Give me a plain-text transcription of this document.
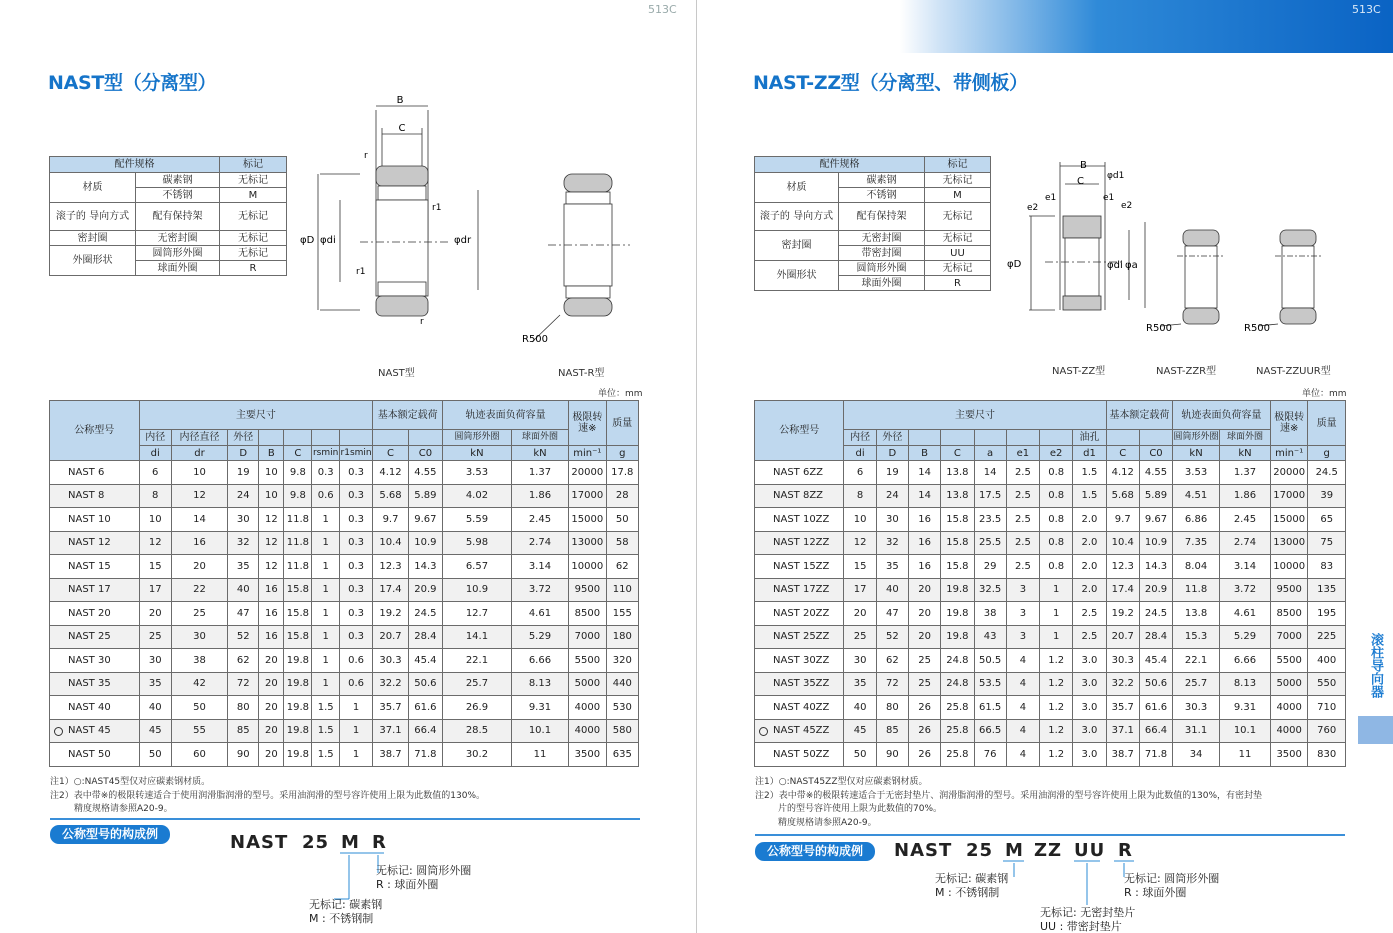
513C
NAST型（分离型）
配件规格		标记
材质	碳素钢	无标记
	不锈钢	M
滚子的 导向方式	配有保持架	无标记
密封圈	无密封圈	无标记
外圈形状	圆筒形外圈	无标记
	球面外圈	R
B
C
r
r1
r1
r
φD φdi	φdr
R500
NAST型	NAST-R型
单位：mm
公称型号	主要尺寸							基本额定载荷		轨迹表面负荷容量		极限转速※	质量
	内径	内径直径	外径							圆筒形外圈	球面外圈		
	di	dr	D	B	C	rsmin	r1smin	C	C0	kN	kN	min⁻¹	g
NAST 6	6	10	19	10	9.8	0.3	0.3	4.12	4.55	3.53	1.37	20000	17.8
NAST 8	8	12	24	10	9.8	0.6	0.3	5.68	5.89	4.02	1.86	17000	28
NAST 10	10	14	30	12	11.8	1	0.3	9.7	9.67	5.59	2.45	15000	50
NAST 12	12	16	32	12	11.8	1	0.3	10.4	10.9	5.98	2.74	13000	58
NAST 15	15	20	35	12	11.8	1	0.3	12.3	14.3	6.57	3.14	10000	62
NAST 17	17	22	40	16	15.8	1	0.3	17.4	20.9	10.9	3.72	9500	110
NAST 20	20	25	47	16	15.8	1	0.3	19.2	24.5	12.7	4.61	8500	155
NAST 25	25	30	52	16	15.8	1	0.3	20.7	28.4	14.1	5.29	7000	180
NAST 30	30	38	62	20	19.8	1	0.6	30.3	45.4	22.1	6.66	5500	320
NAST 35	35	42	72	20	19.8	1	0.6	32.2	50.6	25.7	8.13	5000	440
NAST 40	40	50	80	20	19.8	1.5	1	35.7	61.6	26.9	9.31	4000	530

NAST 45	45	55	85	20	19.8	1.5	1	37.1	66.4	28.5	10.1	4000	580
NAST 50	50	60	90	20	19.8	1.5	1	38.7	71.8	30.2	11	3500	635
注1）○:NAST45型仅对应碳素钢材质。
注2）表中带※的极限转速适合于使用润滑脂润滑的型号。采用油润滑的型号容许使用上限为此数值的130%。
精度规格请参照A20-9。
公称型号的构成例	NAST 25 M R
无标记: 圆筒形外圈
R : 球面外圈
无标记: 碳素钢
M : 不锈钢制
513C
NAST-ZZ型（分离型、带侧板）
配件规格		标记
材质	碳素钢	无标记
	不锈钢	M
滚子的 导向方式	配有保持架	无标记
密封圈	无密封圈	无标记
	带密封圈	UU
外圈形状	圆筒形外圈	无标记
	球面外圈	R
B
C	φd1
e1	e1
e2	e2
φD	φdi φa
R500	R500
NAST-ZZ型	NAST-ZZR型	NAST-ZZUUR型
单位：mm
公称型号	主要尺寸								基本额定载荷		轨迹表面负荷容量		极限转速※	质量
	内径	外径						油孔			圆筒形外圈	球面外圈		
	di	D	B	C	a	e1	e2	d1	C	C0	kN	kN	min⁻¹	g
NAST 6ZZ	6	19	14	13.8	14	2.5	0.8	1.5	4.12	4.55	3.53	1.37	20000	24.5
NAST 8ZZ	8	24	14	13.8	17.5	2.5	0.8	1.5	5.68	5.89	4.51	1.86	17000	39
NAST 10ZZ	10	30	16	15.8	23.5	2.5	0.8	2.0	9.7	9.67	6.86	2.45	15000	65
NAST 12ZZ	12	32	16	15.8	25.5	2.5	0.8	2.0	10.4	10.9	7.35	2.74	13000	75
NAST 15ZZ	15	35	16	15.8	29	2.5	0.8	2.0	12.3	14.3	8.04	3.14	10000	83
NAST 17ZZ	17	40	20	19.8	32.5	3	1	2.0	17.4	20.9	11.8	3.72	9500	135
NAST 20ZZ	20	47	20	19.8	38	3	1	2.5	19.2	24.5	13.8	4.61	8500	195
NAST 25ZZ	25	52	20	19.8	43	3	1	2.5	20.7	28.4	15.3	5.29	7000	225
NAST 30ZZ	30	62	25	24.8	50.5	4	1.2	3.0	30.3	45.4	22.1	6.66	5500	400
NAST 35ZZ	35	72	25	24.8	53.5	4	1.2	3.0	32.2	50.6	25.7	8.13	5000	550
NAST 40ZZ	40	80	26	25.8	61.5	4	1.2	3.0	35.7	61.6	30.3	9.31	4000	710

NAST 45ZZ	45	85	26	25.8	66.5	4	1.2	3.0	37.1	66.4	31.1	10.1	4000	760
NAST 50ZZ	50	90	26	25.8	76	4	1.2	3.0	38.7	71.8	34	11	3500	830
滚柱导向器
注1）○:NAST45ZZ型仅对应碳素钢材质。
注2）表中带※的极限转速适合于无密封垫片、润滑脂润滑的型号。采用油润滑的型号容许使用上限为此数值的130%，有密封垫
片的型号容许使用上限为此数值的70%。
精度规格请参照A20-9。
公称型号的构成例	NAST 25 M ZZ UU R
无标记: 碳素钢
M : 不锈钢制
无标记: 圆筒形外圈
R : 球面外圈
无标记: 无密封垫片
UU : 带密封垫片
